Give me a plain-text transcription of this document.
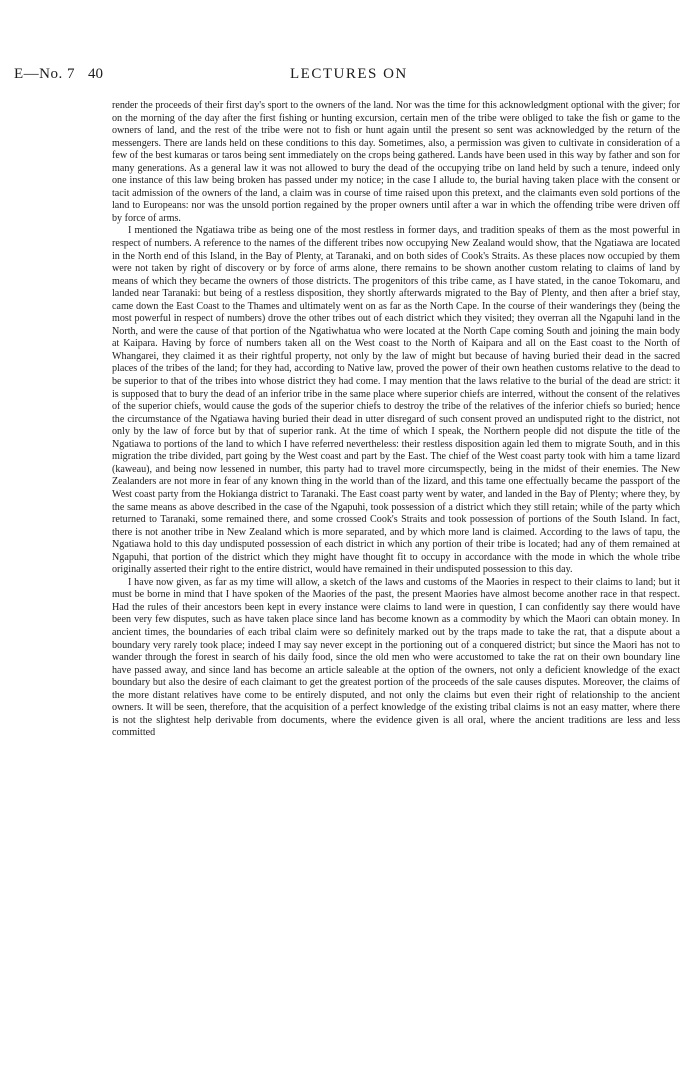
E—No. 7 40	LECTURES ON

render the proceeds of their first day's sport to the owners of the land. Nor was the time for this acknowledgment optional with the giver; for on the morning of the day after the first fishing or hunting excursion, certain men of the tribe were obliged to take the fish or game to the owners of land, and the rest of the tribe were not to fish or hunt again until the present so sent was acknowledged by the return of the messengers. There are lands held on these conditions to this day. Sometimes, also, a permission was given to cultivate in consideration of a few of the best kumaras or taros being sent immediately on the crops being gathered. Lands have been used in this way by father and son for many generations. As a general law it was not allowed to bury the dead of the occupying tribe on land held by such a tenure, indeed only one instance of this law being broken has passed under my notice; in the case I allude to, the burial having taken place with the consent or tacit admission of the owners of the land, a claim was in course of time raised upon this pretext, and the claimants even sold portions of the land to Europeans: nor was the unsold portion regained by the proper owners until after a war in which the offending tribe were driven off by force of arms.

I mentioned the Ngatiawa tribe as being one of the most restless in former days, and tradition speaks of them as the most powerful in respect of numbers. A reference to the names of the different tribes now occupying New Zealand would show, that the Ngatiawa are located in the North end of this Island, in the Bay of Plenty, at Taranaki, and on both sides of Cook's Straits. As these places now occupied by them were not taken by right of discovery or by force of arms alone, there remains to be shown another custom relating to claims of land by means of which they became the owners of those districts. The progenitors of this tribe came, as I have stated, in the canoe Tokomaru, and landed near Taranaki: but being of a restless disposition, they shortly afterwards migrated to the Bay of Plenty, and then after a brief stay, came down the East Coast to the Thames and ultimately went on as far as the North Cape. In the course of their wanderings they (being the most powerful in respect of numbers) drove the other tribes out of each district which they visited; they overran all the Ngapuhi land in the North, and were the cause of that portion of the Ngatiwhatua who were located at the North Cape coming South and joining the main body at Kaipara. Having by force of numbers taken all on the West coast to the North of Kaipara and all on the East coast to the North of Whangarei, they claimed it as their rightful property, not only by the law of might but because of having buried their dead in the sacred places of the tribes of the land; for they had, according to Native law, proved the power of their own heathen customs relative to the dead to be superior to that of the tribes into whose district they had come. I may mention that the laws relative to the burial of the dead are strict: it is supposed that to bury the dead of an inferior tribe in the same place where superior chiefs are interred, without the consent of the relatives of the superior chiefs, would cause the gods of the superior chiefs to destroy the tribe of the relatives of the inferior chiefs so buried; hence the circumstance of the Ngatiawa having buried their dead in utter disregard of such consent proved an undisputed right to the district, not only by the law of force but by that of superior rank. At the time of which I speak, the Northern people did not dispute the title of the Ngatiawa to portions of the land to which I have referred nevertheless: their restless disposition again led them to migrate South, and in this migration the tribe divided, part going by the West coast and part by the East. The chief of the West coast party took with him a tame lizard (kaweau), and being now lessened in number, this party had to travel more circumspectly, being in the midst of their enemies. The New Zealanders are not more in fear of any known thing in the world than of the lizard, and this tame one effectually became the passport of the West coast party from the Hokianga district to Taranaki. The East coast party went by water, and landed in the Bay of Plenty; where they, by the same means as above described in the case of the Ngapuhi, took possession of a district which they still retain; while of the party which returned to Taranaki, some remained there, and some crossed Cook's Straits and took possession of portions of the South Island. In fact, there is not another tribe in New Zealand which is more separated, and by which more land is claimed. According to the laws of tapu, the Ngatiawa hold to this day undisputed possession of each district in which any portion of their tribe is located; had any of them remained at Ngapuhi, that portion of the district which they might have thought fit to occupy in accordance with the mode in which the whole tribe originally asserted their right to the entire district, would have remained in their undisputed possession to this day.

I have now given, as far as my time will allow, a sketch of the laws and customs of the Maories in respect to their claims to land; but it must be borne in mind that I have spoken of the Maories of the past, the present Maories have almost become another race in that respect. Had the rules of their ancestors been kept in every instance were claims to land were in question, I can confidently say there would have been very few disputes, such as have taken place since land has become known as a commodity by which the Maori can obtain money. In ancient times, the boundaries of each tribal claim were so definitely marked out by the traps made to take the rat, that a dispute about a boundary very rarely took place; indeed I may say never except in the portioning out of a conquered district; but since the Maori has not to wander through the forest in search of his daily food, since the old men who were accustomed to take the rat on their own boundary line have passed away, and since land has become an article saleable at the option of the owners, not only a deficient knowledge of the exact boundary but also the desire of each claimant to get the greatest portion of the proceeds of the sale causes disputes. Moreover, the claims of the more distant relatives have come to be entirely disputed, and not only the claims but even their right of relationship to the ancient owners. It will be seen, therefore, that the acquisition of a perfect knowledge of the existing tribal claims is not an easy matter, where there is not the slightest help derivable from documents, where the evidence given is all oral, where the ancient traditions are less and less committed
